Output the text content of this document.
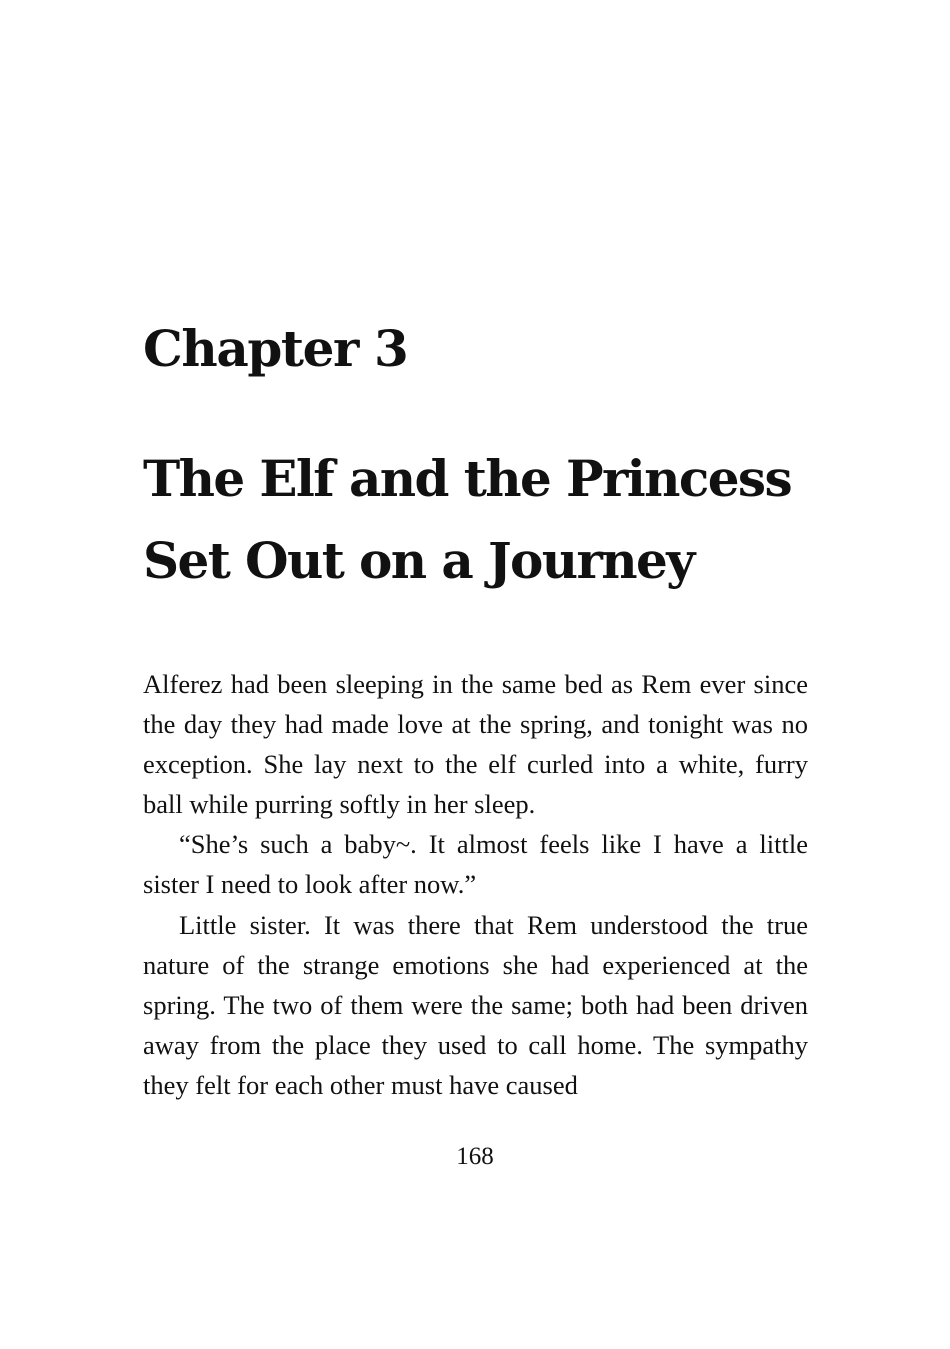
Chapter 3
The Elf and the Princess
Set Out on a Journey

Alferez had been sleeping in the same bed as Rem ever since the day they had made love at the spring, and tonight was no exception. She lay next to the elf curled into a white, furry ball while purring softly in her sleep.

“She’s such a baby~. It almost feels like I have a little sister I need to look after now.”

Little sister. It was there that Rem understood the true nature of the strange emotions she had experienced at the spring. The two of them were the same; both had been driven away from the place they used to call home. The sympathy they felt for each other must have caused

168
